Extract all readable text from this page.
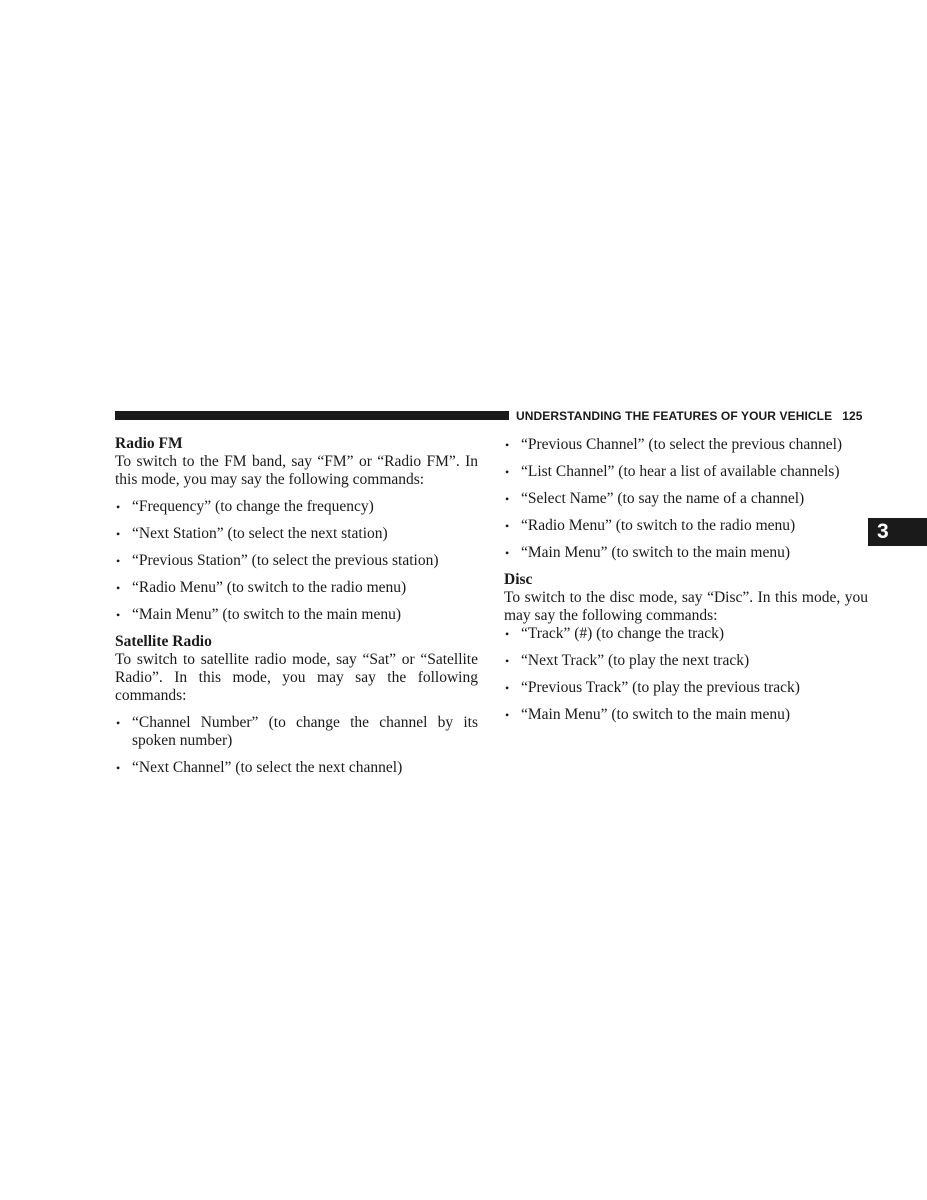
UNDERSTANDING THE FEATURES OF YOUR VEHICLE 125
3

Radio FM

To switch to the FM band, say “FM” or “Radio FM”. In this mode, you may say the following commands:

• “Frequency” (to change the frequency)
• “Next Station” (to select the next station)
• “Previous Station” (to select the previous station)
• “Radio Menu” (to switch to the radio menu)
• “Main Menu” (to switch to the main menu)

Satellite Radio

To switch to satellite radio mode, say “Sat” or “Satellite Radio”. In this mode, you may say the following commands:

• “Channel Number” (to change the channel by its spoken number)
• “Next Channel” (to select the next channel)
• “Previous Channel” (to select the previous channel)
• “List Channel” (to hear a list of available channels)
• “Select Name” (to say the name of a channel)
• “Radio Menu” (to switch to the radio menu)
• “Main Menu” (to switch to the main menu)

Disc

To switch to the disc mode, say “Disc”. In this mode, you may say the following commands:

• “Track” (#) (to change the track)
• “Next Track” (to play the next track)
• “Previous Track” (to play the previous track)
• “Main Menu” (to switch to the main menu)
